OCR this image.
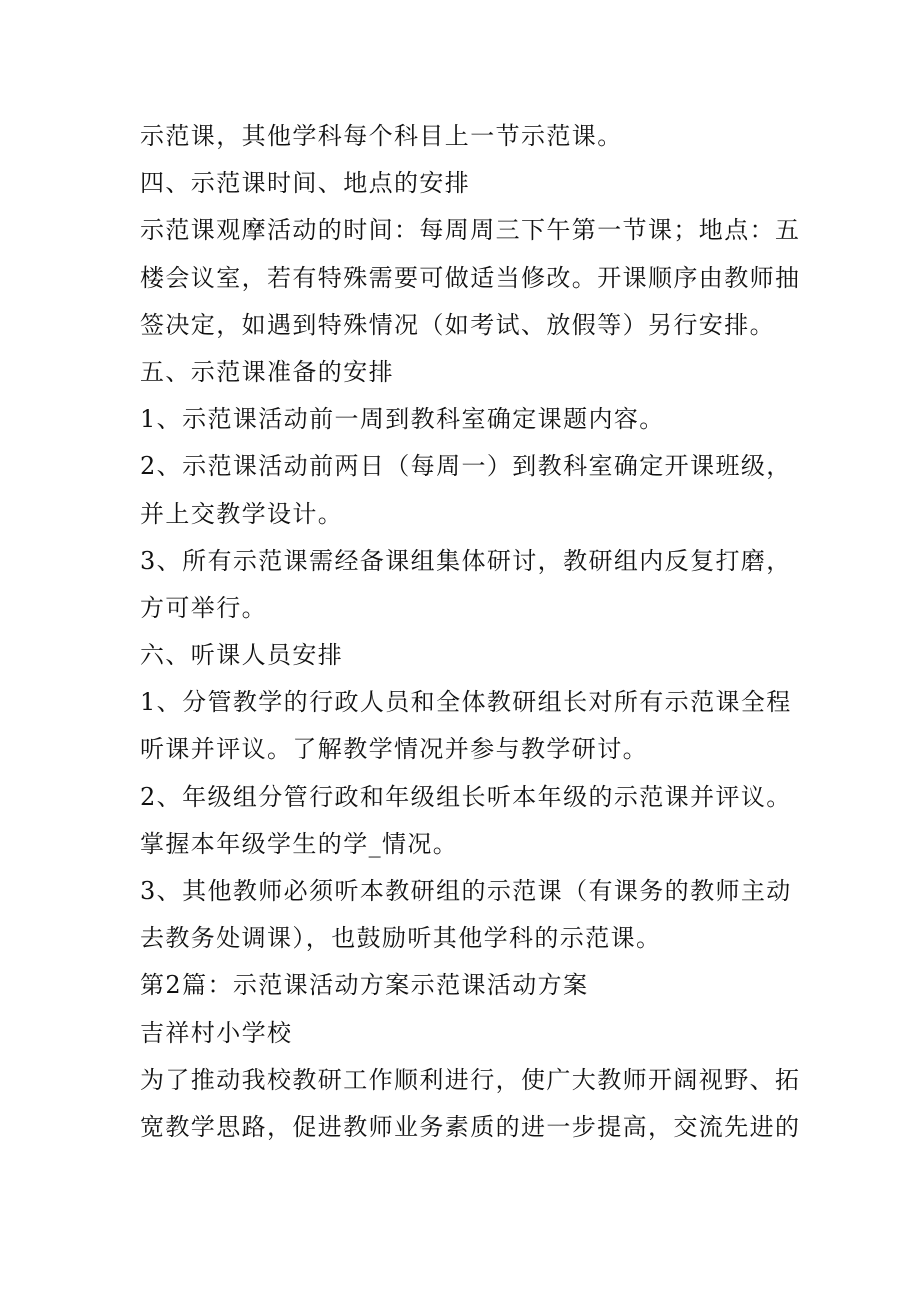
示范课，其他学科每个科目上一节示范课。

四、示范课时间、地点的安排

示范课观摩活动的时间：每周周三下午第一节课；地点：五

楼会议室，若有特殊需要可做适当修改。开课顺序由教师抽

签决定，如遇到特殊情况（如考试、放假等）另行安排。

五、示范课准备的安排

1、示范课活动前一周到教科室确定课题内容。

2、示范课活动前两日（每周一）到教科室确定开课班级，

并上交教学设计。

3、所有示范课需经备课组集体研讨，教研组内反复打磨，

方可举行。

六、听课人员安排

1、分管教学的行政人员和全体教研组长对所有示范课全程

听课并评议。了解教学情况并参与教学研讨。

2、年级组分管行政和年级组长听本年级的示范课并评议。

掌握本年级学生的学_情况。

3、其他教师必须听本教研组的示范课（有课务的教师主动

去教务处调课），也鼓励听其他学科的示范课。

第2篇：示范课活动方案示范课活动方案

吉祥村小学校

为了推动我校教研工作顺利进行，使广大教师开阔视野、拓

宽教学思路，促进教师业务素质的进一步提高，交流先进的
